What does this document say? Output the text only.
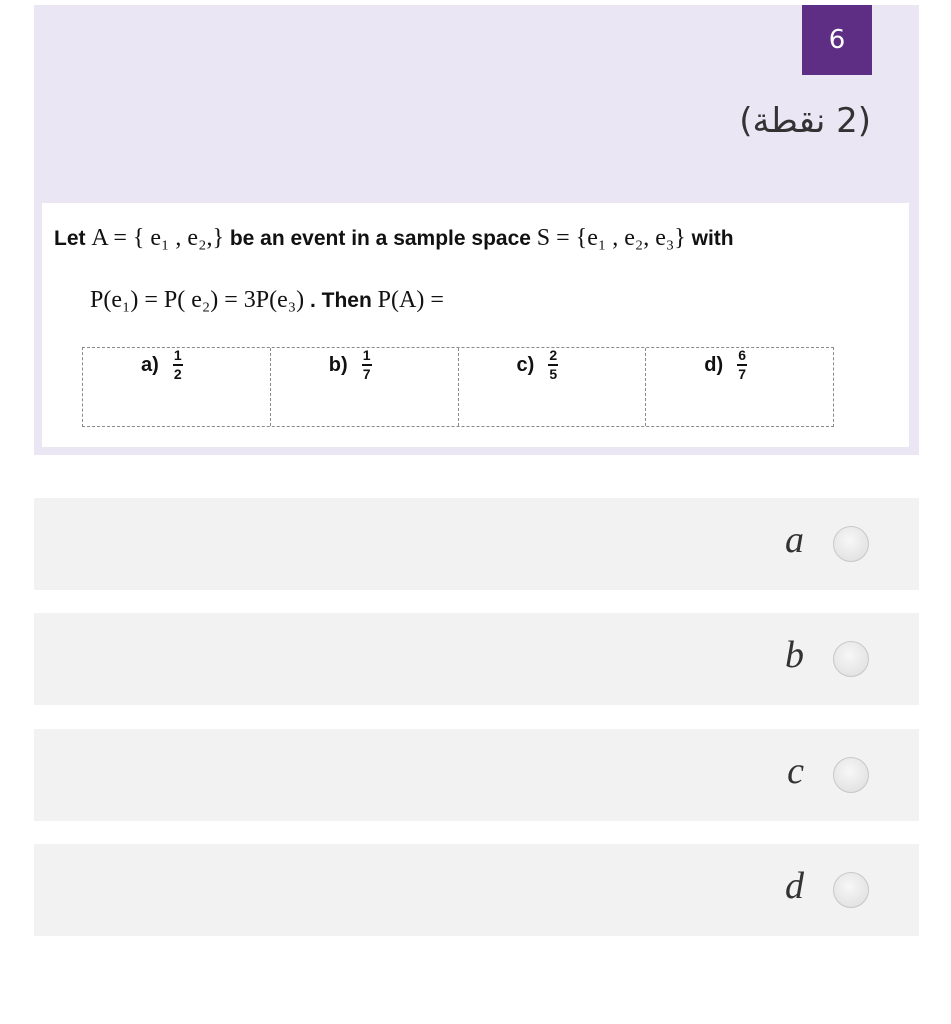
6
(2 نقطة)
Let A = { e₁ , e₂,} be an event in a sample space S = {e₁ , e₂, e₃} with
P(e₁) = P( e₂) = 3P(e₃) . Then P(A) =
$a) \frac{1}{2}$	$b) \frac{1}{7}$	$c) \frac{2}{5}$	$d) \frac{6}{7}$
a
b
c
d
